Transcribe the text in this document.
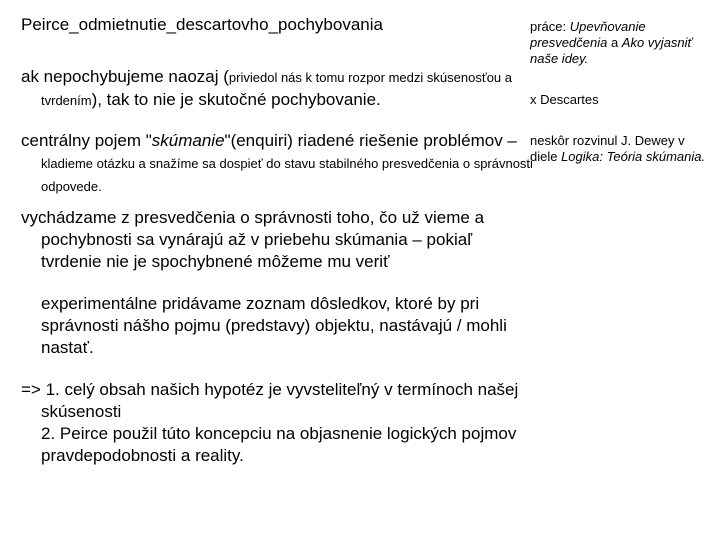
Peirce_odmietnutie_descartovho_pochybovania
ak nepochybujeme naozaj (priviedol nás k tomu rozpor medzi skúsenosťou a tvrdením), tak to nie je skutočné pochybovanie.
centrálny pojem "skúmanie"(enquiri) riadené riešenie problémov – kladieme otázku a snažíme sa dospieť do stavu stabilného presvedčenia o správnosti odpovede.
vychádzame z presvedčenia o správnosti toho, čo už vieme a pochybnosti sa vynárajú až v priebehu skúmania – pokiaľ tvrdenie nie je spochybnené môžeme mu veriť
experimentálne pridávame zoznam dôsledkov, ktoré by pri správnosti nášho pojmu (predstavy) objektu, nastávajú / mohli nastať.
=> 1. celý obsah našich hypotéz je vyvsteliteľný v termínoch našej skúsenosti
2. Peirce použil túto koncepciu na objasnenie logických pojmov pravdepodobnosti a reality.
práce: Upevňovanie presvedčenia a Ako vyjasniť naše idey.
x Descartes
neskôr rozvinul J. Dewey v diele Logika: Teória skúmania.
